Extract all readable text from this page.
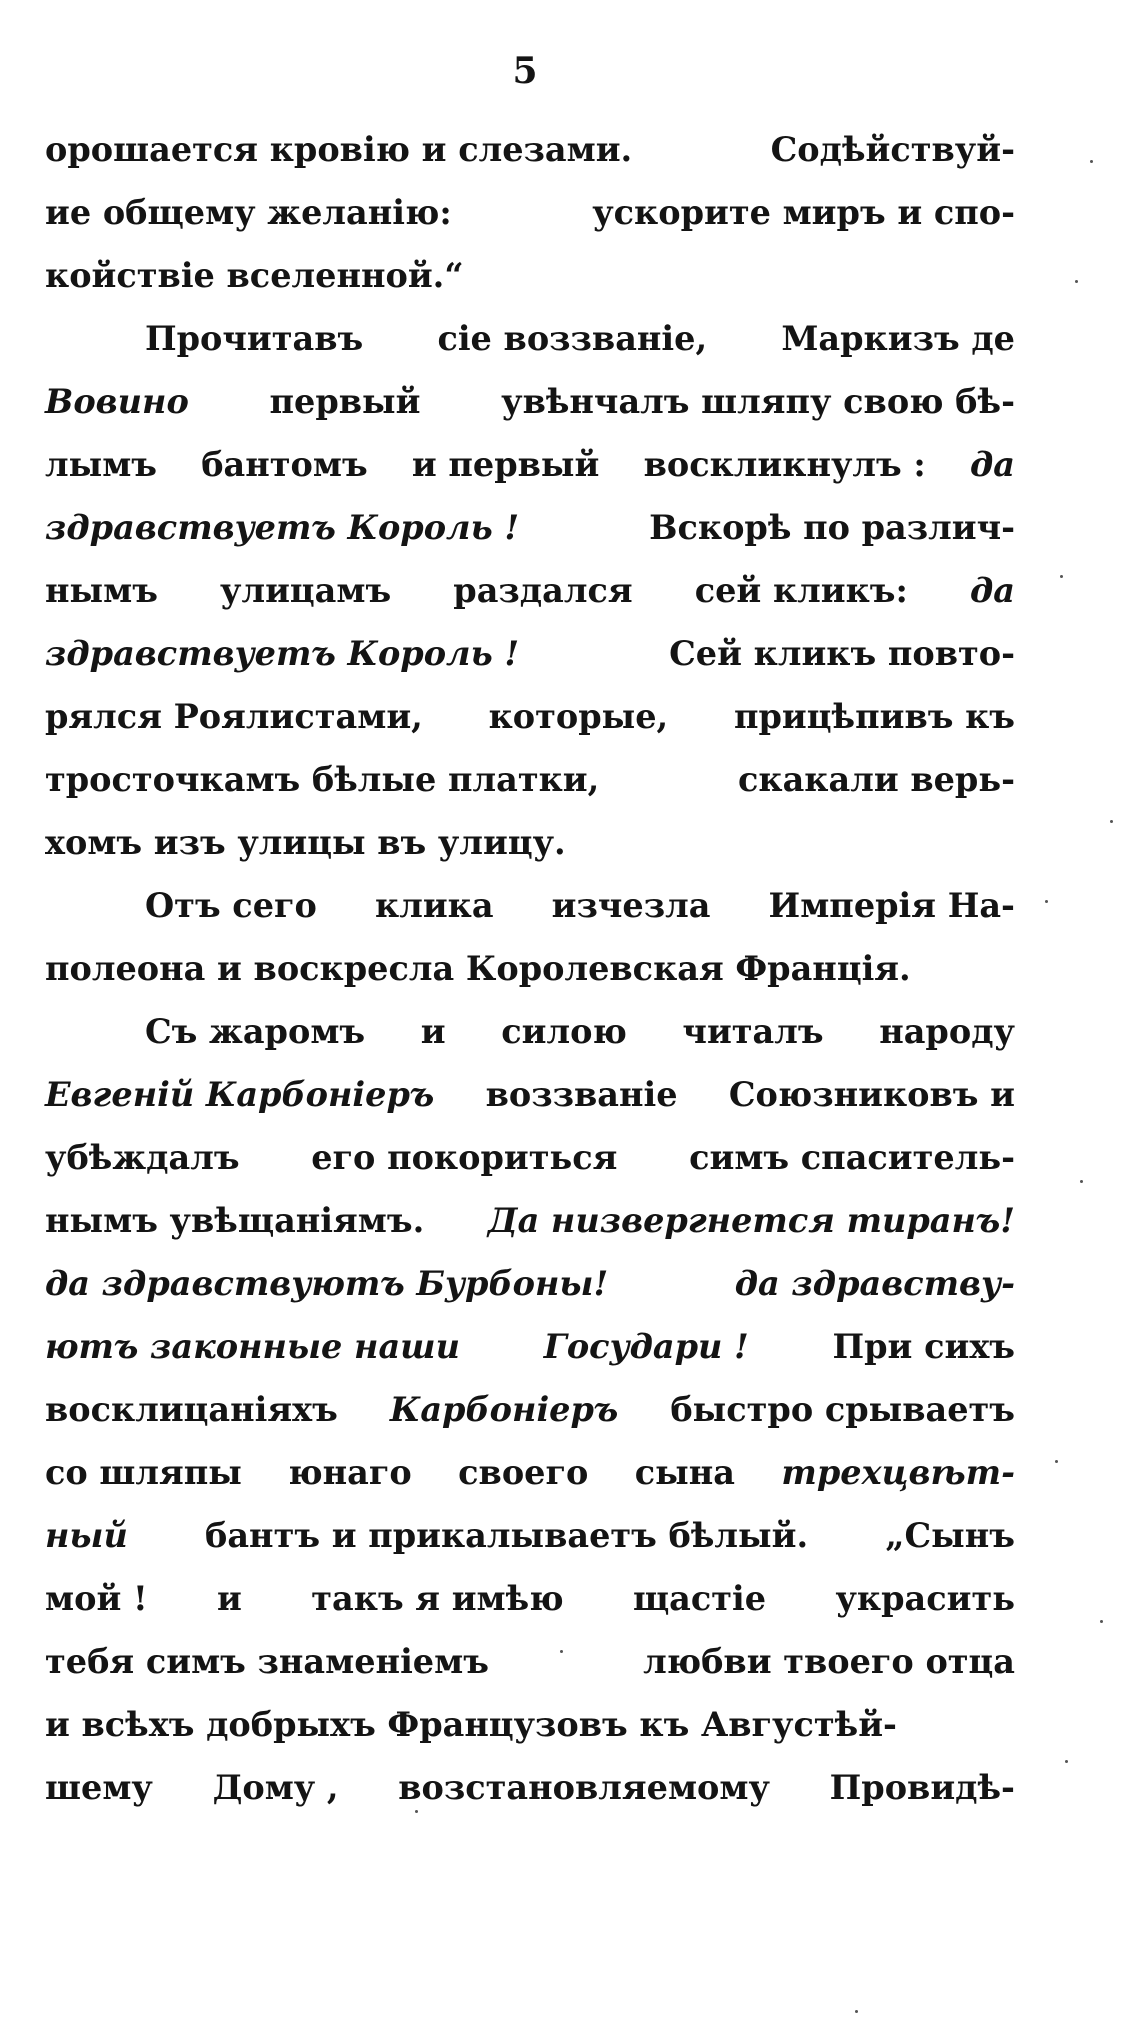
5
орошается кровію и слезами.	Содѣйствуй-
ие общему желанію:	ускорите миръ и спо-
койствіе вселенной.“
Прочитавъ сіе воззваніе, Маркизъ де
Вовино первый увѣнчалъ шляпу свою бѣ-
лымъ бантомъ и первый воскликнулъ : да
здравствуетъ Король !	Вскорѣ по различ-
нымъ улицамъ раздался сей кликъ: да
здравствуетъ Король !	Сей кликъ повто-
рялся Роялистами, которые, прицѣпивъ къ
тросточкамъ бѣлые платки,	скакали верь-
хомъ изъ улицы въ улицу.
Отъ сего клика изчезла Имперія На-
полеона и воскресла Королевская Франція.
Съ жаромъ и силою читалъ народу
Евгеній Карбоніеръ воззваніе Союзниковъ и
убѣждалъ его покориться симъ спаситель-
нымъ увѣщаніямъ. Да низвергнется тиранъ!
да здравствуютъ Бурбоны!	да здравству-
ютъ законные наши Государи ! При сихъ
восклицаніяхъ Карбоніеръ быстро срываетъ
со шляпы юнаго своего сына трехцвѣт-
ный бантъ и прикалываетъ бѣлый. „Сынъ
мой ! и такъ я имѣю щастіе украсить
тебя симъ знаменіемъ	любви твоего отца
и всѣхъ добрыхъ Французовъ къ Августѣй-
шему Дому , возстановляемому Провидѣ-
